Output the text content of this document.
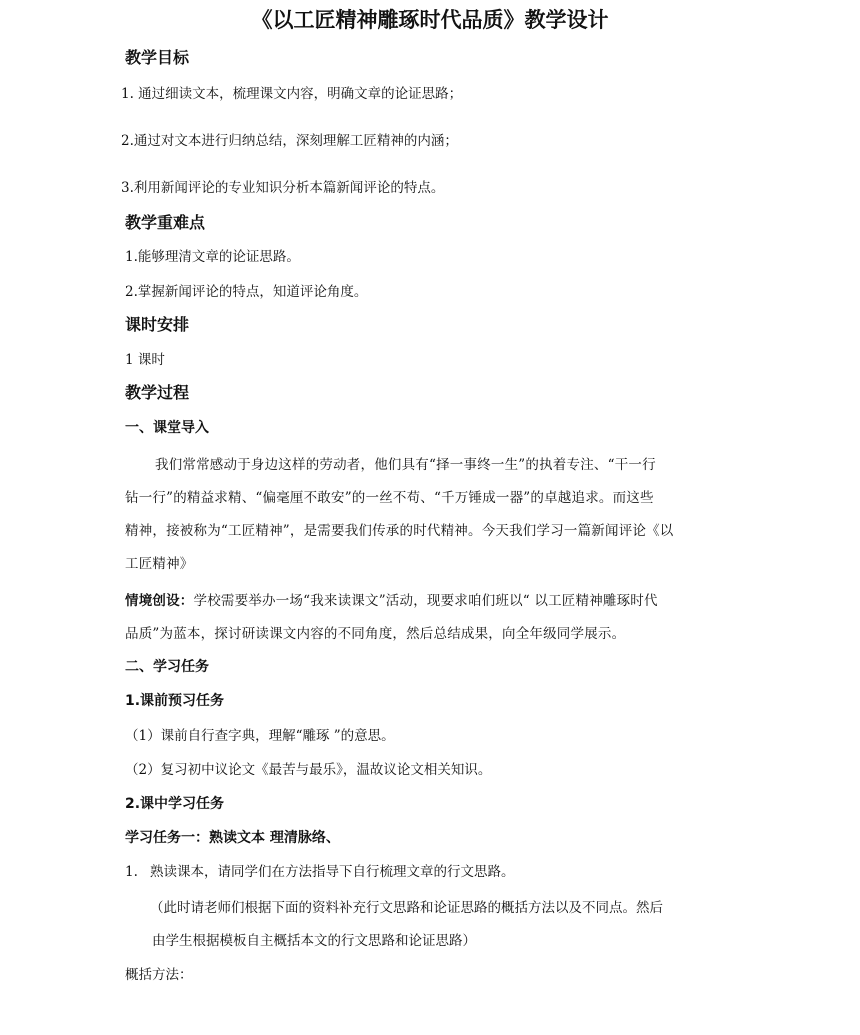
《以工匠精神雕琢时代品质》教学设计
教学目标
1. 通过细读文本，梳理课文内容，明确文章的论证思路；
2.通过对文本进行归纳总结，深刻理解工匠精神的内涵；
3.利用新闻评论的专业知识分析本篇新闻评论的特点。
教学重难点
1.能够理清文章的论证思路。
2.掌握新闻评论的特点，知道评论角度。
课时安排
1 课时
教学过程
一、课堂导入
我们常常感动于身边这样的劳动者，他们具有“择一事终一生”的执着专注、“干一行
钻一行”的精益求精、“偏毫厘不敢安”的一丝不苟、“千万锤成一器”的卓越追求。而这些
精神，接被称为“工匠精神”，是需要我们传承的时代精神。今天我们学习一篇新闻评论《以
工匠精神》
情境创设：学校需要举办一场“我来读课文”活动，现要求咱们班以“ 以工匠精神雕琢时代
品质”为蓝本，探讨研读课文内容的不同角度，然后总结成果，向全年级同学展示。
二、学习任务
1.课前预习任务
（1）课前自行查字典，理解“雕琢 ”的意思。
（2）复习初中议论文《最苦与最乐》，温故议论文相关知识。
2.课中学习任务
学习任务一：熟读文本 理清脉络、
1. 熟读课本，请同学们在方法指导下自行梳理文章的行文思路。
（此时请老师们根据下面的资料补充行文思路和论证思路的概括方法以及不同点。然后
由学生根据模板自主概括本文的行文思路和论证思路）
概括方法：
